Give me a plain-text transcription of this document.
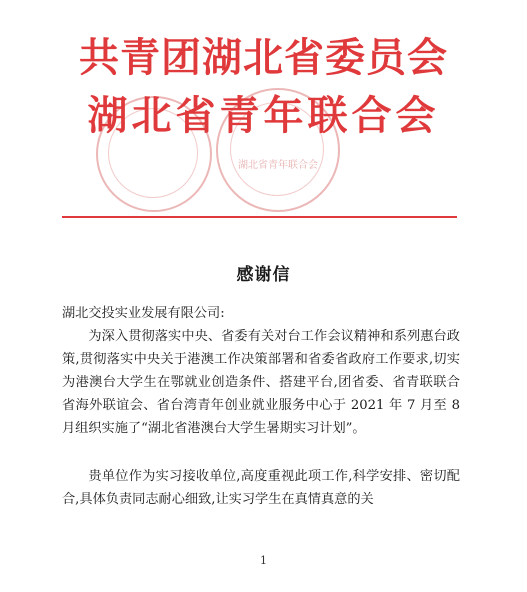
湖北省青年联合会
共青团湖北省委员会
湖北省青年联合会
感谢信
湖北交投实业发展有限公司:

为深入贯彻落实中央、省委有关对台工作会议精神和系列惠台政策,贯彻落实中央关于港澳工作决策部署和省委省政府工作要求,切实为港澳台大学生在鄂就业创造条件、搭建平台,团省委、省青联联合省海外联谊会、省台湾青年创业就业服务中心于 2021 年 7 月至 8 月组织实施了“湖北省港澳台大学生暑期实习计划”。

贵单位作为实习接收单位,高度重视此项工作,科学安排、密切配合,具体负责同志耐心细致,让实习学生在真情真意的关

1
